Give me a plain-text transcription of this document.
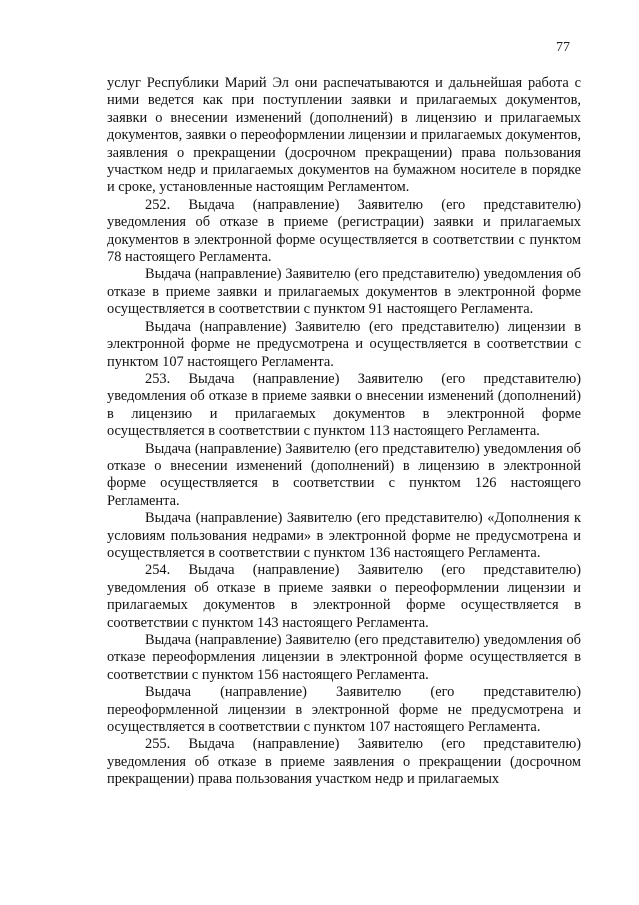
77

услуг Республики Марий Эл они распечатываются и дальнейшая работа с ними ведется как при поступлении заявки и прилагаемых документов, заявки о внесении изменений (дополнений) в лицензию и прилагаемых документов, заявки о переоформлении лицензии и прилагаемых документов, заявления о прекращении (досрочном прекращении) права пользования участком недр и прилагаемых документов на бумажном носителе в порядке и сроке, установленные настоящим Регламентом.

252. Выдача (направление) Заявителю (его представителю) уведомления об отказе в приеме (регистрации) заявки и прилагаемых документов в электронной форме осуществляется в соответствии с пунктом 78 настоящего Регламента.

Выдача (направление) Заявителю (его представителю) уведомления об отказе в приеме заявки и прилагаемых документов в электронной форме осуществляется в соответствии с пунктом 91 настоящего Регламента.

Выдача (направление) Заявителю (его представителю) лицензии в электронной форме не предусмотрена и осуществляется в соответствии с пунктом 107 настоящего Регламента.

253. Выдача (направление) Заявителю (его представителю) уведомления об отказе в приеме заявки о внесении изменений (дополнений) в лицензию и прилагаемых документов в электронной форме осуществляется в соответствии с пунктом 113 настоящего Регламента.

Выдача (направление) Заявителю (его представителю) уведомления об отказе о внесении изменений (дополнений) в лицензию в электронной форме осуществляется в соответствии с пунктом 126 настоящего Регламента.

Выдача (направление) Заявителю (его представителю) «Дополнения к условиям пользования недрами» в электронной форме не предусмотрена и осуществляется в соответствии с пунктом 136 настоящего Регламента.

254. Выдача (направление) Заявителю (его представителю) уведомления об отказе в приеме заявки о переоформлении лицензии и прилагаемых документов в электронной форме осуществляется в соответствии с пунктом 143 настоящего Регламента.

Выдача (направление) Заявителю (его представителю) уведомления об отказе переоформления лицензии в электронной форме осуществляется в соответствии с пунктом 156 настоящего Регламента.

Выдача (направление) Заявителю (его представителю) переоформленной лицензии в электронной форме не предусмотрена и осуществляется в соответствии с пунктом 107 настоящего Регламента.

255. Выдача (направление) Заявителю (его представителю) уведомления об отказе в приеме заявления о прекращении (досрочном прекращении) права пользования участком недр и прилагаемых
